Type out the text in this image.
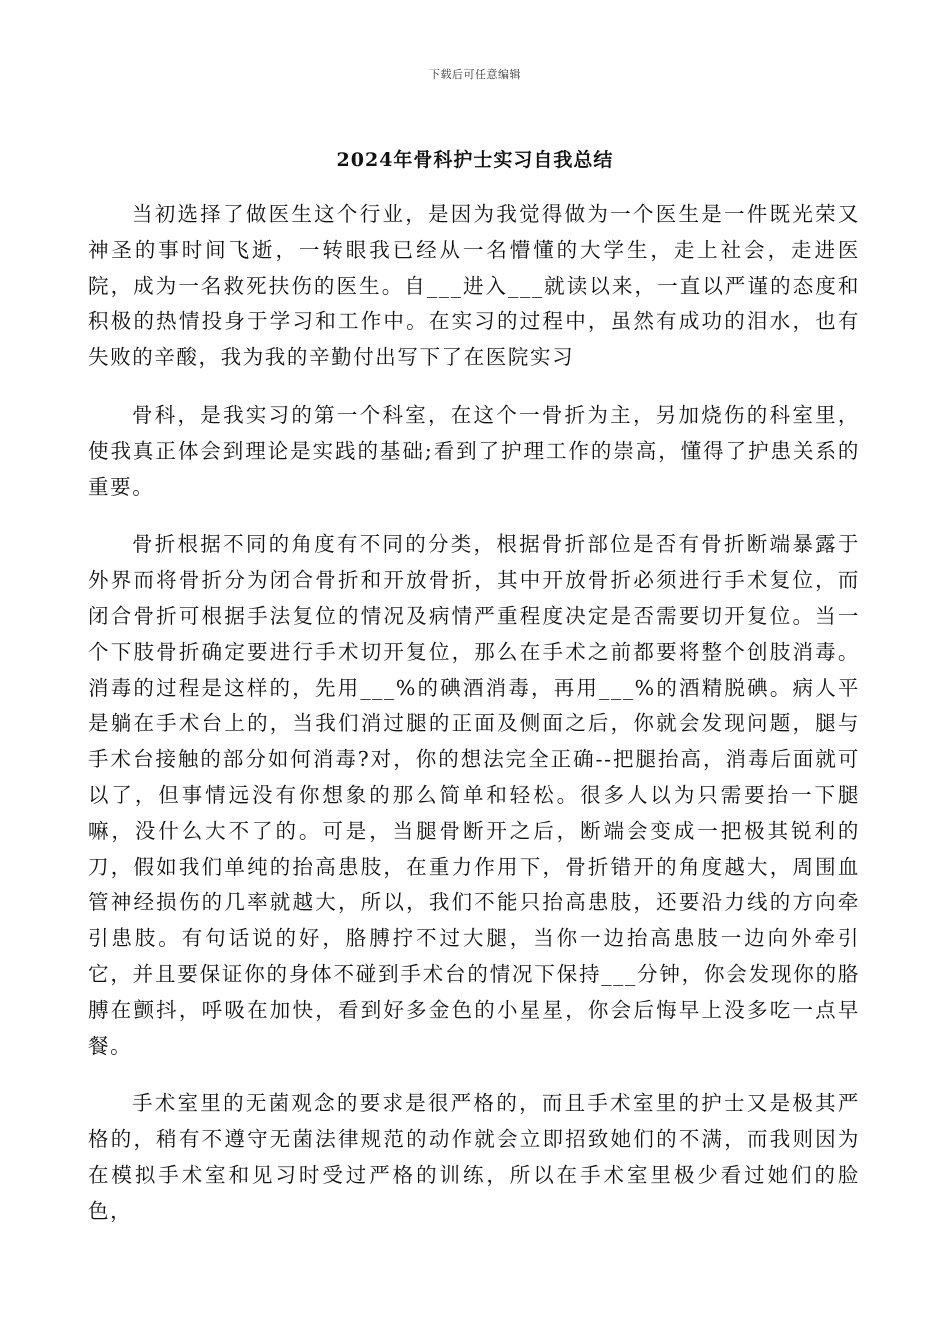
下载后可任意编辑
2024年骨科护士实习自我总结

当初选择了做医生这个行业，是因为我觉得做为一个医生是一件既光荣又神圣的事时间飞逝，一转眼我已经从一名懵懂的大学生，走上社会，走进医院，成为一名救死扶伤的医生。自___进入___就读以来，一直以严谨的态度和积极的热情投身于学习和工作中。在实习的过程中，虽然有成功的泪水，也有失败的辛酸，我为我的辛勤付出写下了在医院实习

骨科，是我实习的第一个科室，在这个一骨折为主，另加烧伤的科室里，使我真正体会到理论是实践的基础;看到了护理工作的崇高，懂得了护患关系的重要。

骨折根据不同的角度有不同的分类，根据骨折部位是否有骨折断端暴露于外界而将骨折分为闭合骨折和开放骨折，其中开放骨折必须进行手术复位，而闭合骨折可根据手法复位的情况及病情严重程度决定是否需要切开复位。当一个下肢骨折确定要进行手术切开复位，那么在手术之前都要将整个创肢消毒。消毒的过程是这样的，先用___%的碘酒消毒，再用___%的酒精脱碘。病人平是躺在手术台上的，当我们消过腿的正面及侧面之后，你就会发现问题，腿与手术台接触的部分如何消毒?对，你的想法完全正确--把腿抬高，消毒后面就可以了，但事情远没有你想象的那么简单和轻松。很多人以为只需要抬一下腿嘛，没什么大不了的。可是，当腿骨断开之后，断端会变成一把极其锐利的刀，假如我们单纯的抬高患肢，在重力作用下，骨折错开的角度越大，周围血管神经损伤的几率就越大，所以，我们不能只抬高患肢，还要沿力线的方向牵引患肢。有句话说的好，胳膊拧不过大腿，当你一边抬高患肢一边向外牵引它，并且要保证你的身体不碰到手术台的情况下保持___分钟，你会发现你的胳膊在颤抖，呼吸在加快，看到好多金色的小星星，你会后悔早上没多吃一点早餐。

手术室里的无菌观念的要求是很严格的，而且手术室里的护士又是极其严格的，稍有不遵守无菌法律规范的动作就会立即招致她们的不满，而我则因为在模拟手术室和见习时受过严格的训练，所以在手术室里极少看过她们的脸色，
